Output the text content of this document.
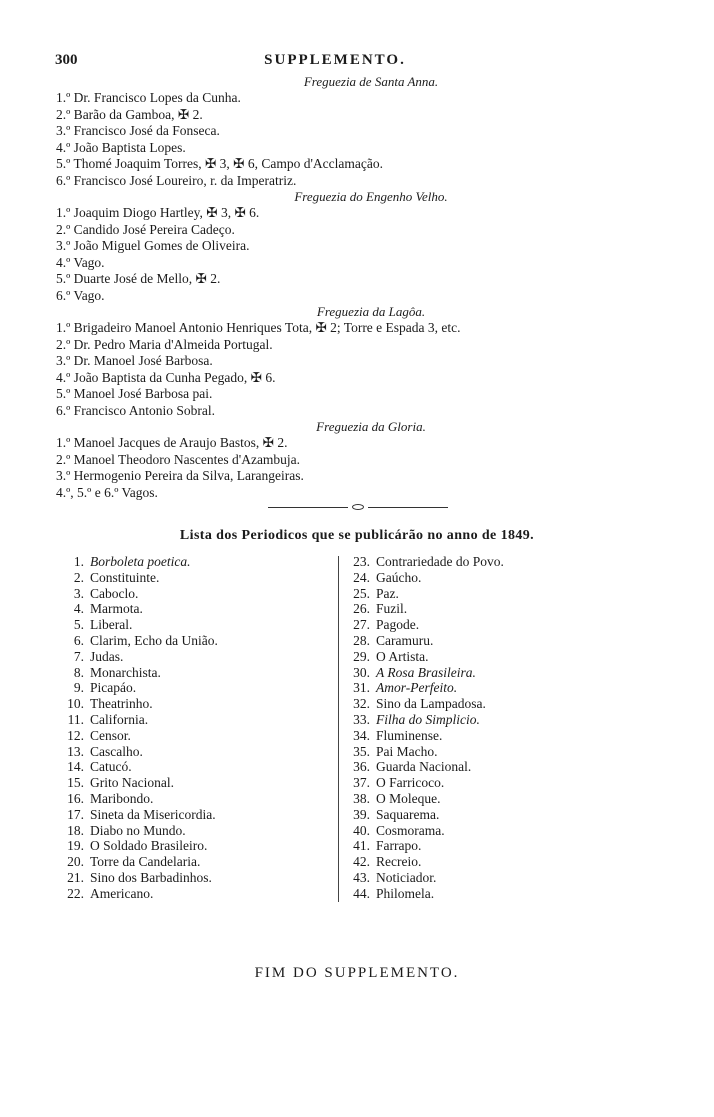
300	SUPPLEMENTO.
Freguezia de Santa Anna.
1.º Dr. Francisco Lopes da Cunha.
2.º Barão da Gamboa, ✠ 2.
3.º Francisco José da Fonseca.
4.º João Baptista Lopes.
5.º Thomé Joaquim Torres, ✠ 3, ✠ 6, Campo d'Acclamação.
6.º Francisco José Loureiro, r. da Imperatriz.
Freguezia do Engenho Velho.
1.º Joaquim Diogo Hartley, ✠ 3, ✠ 6.
2.º Candido José Pereira Cadeço.
3.º João Miguel Gomes de Oliveira.
4.º Vago.
5.º Duarte José de Mello, ✠ 2.
6.º Vago.
Freguezia da Lagôa.
1.º Brigadeiro Manoel Antonio Henriques Tota, ✠ 2; Torre e Espada 3, etc.
2.º Dr. Pedro Maria d'Almeida Portugal.
3.º Dr. Manoel José Barbosa.
4.º João Baptista da Cunha Pegado, ✠ 6.
5.º Manoel José Barbosa pai.
6.º Francisco Antonio Sobral.
Freguezia da Gloria.
1.º Manoel Jacques de Araujo Bastos, ✠ 2.
2.º Manoel Theodoro Nascentes d'Azambuja.
3.º Hermogenio Pereira da Silva, Larangeiras.
4.º, 5.º e 6.º Vagos.
Lista dos Periodicos que se publicárão no anno de 1849.
1. Borboleta poetica.
2. Constituinte.
3. Caboclo.
4. Marmota.
5. Liberal.
6. Clarim, Echo da União.
7. Judas.
8. Monarchista.
9. Picapáo.
10. Theatrinho.
11. California.
12. Censor.
13. Cascalho.
14. Catucó.
15. Grito Nacional.
16. Maribondo.
17. Sineta da Misericordia.
18. Diabo no Mundo.
19. O Soldado Brasileiro.
20. Torre da Candelaria.
21. Sino dos Barbadinhos.
22. Americano.
23. Contrariedade do Povo.
24. Gaúcho.
25. Paz.
26. Fuzil.
27. Pagode.
28. Caramuru.
29. O Artista.
30. A Rosa Brasileira.
31. Amor-Perfeito.
32. Sino da Lampadosa.
33. Filha do Simplicio.
34. Fluminense.
35. Pai Macho.
36. Guarda Nacional.
37. O Farricoco.
38. O Moleque.
39. Saquarema.
40. Cosmorama.
41. Farrapo.
42. Recreio.
43. Noticiador.
44. Philomela.
FIM DO SUPPLEMENTO.
